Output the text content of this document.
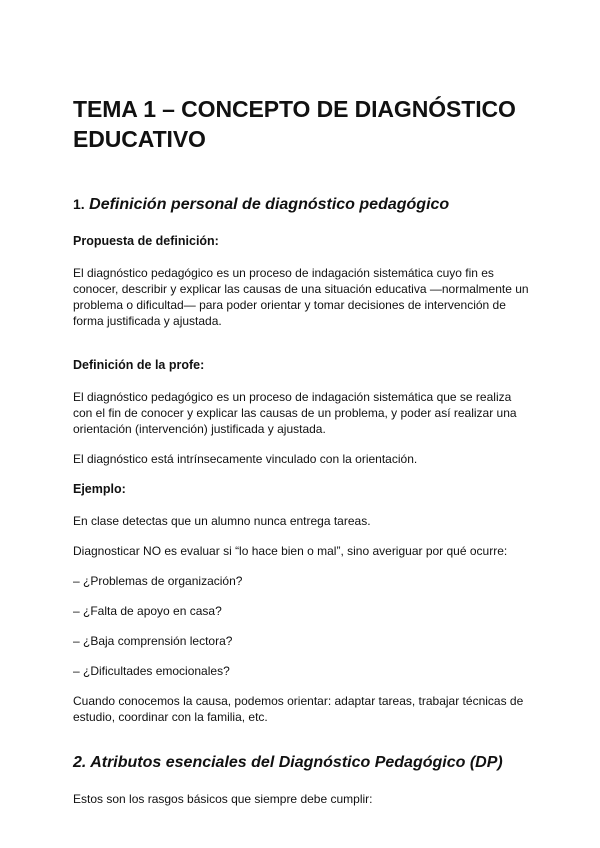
TEMA 1 – CONCEPTO DE DIAGNÓSTICO EDUCATIVO
1. Definición personal de diagnóstico pedagógico
Propuesta de definición:

El diagnóstico pedagógico es un proceso de indagación sistemática cuyo fin es conocer, describir y explicar las causas de una situación educativa —normalmente un problema o dificultad— para poder orientar y tomar decisiones de intervención de forma justificada y ajustada.

Definición de la profe:

El diagnóstico pedagógico es un proceso de indagación sistemática que se realiza con el fin de conocer y explicar las causas de un problema, y poder así realizar una orientación (intervención) justificada y ajustada.

El diagnóstico está intrínsecamente vinculado con la orientación.

Ejemplo:

En clase detectas que un alumno nunca entrega tareas.

Diagnosticar NO es evaluar si “lo hace bien o mal”, sino averiguar por qué ocurre:

– ¿Problemas de organización?

– ¿Falta de apoyo en casa?

– ¿Baja comprensión lectora?

– ¿Dificultades emocionales?

Cuando conocemos la causa, podemos orientar: adaptar tareas, trabajar técnicas de estudio, coordinar con la familia, etc.

2. Atributos esenciales del Diagnóstico Pedagógico (DP)

Estos son los rasgos básicos que siempre debe cumplir:
